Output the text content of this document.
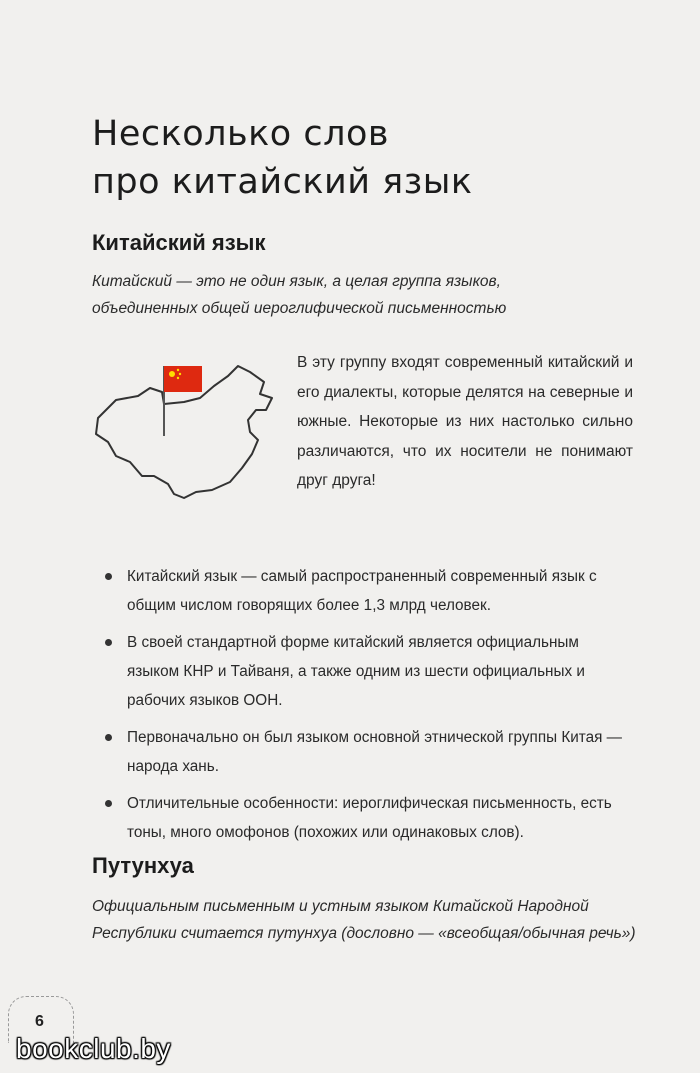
Несколько слов
про китайский язык
Китайский язык

Китайский — это не один язык, а целая группа языков, объединенных общей иероглифической письменностью

В эту группу входят современный китайский и его диалекты, которые делятся на северные и южные. Некоторые из них настолько сильно различаются, что их носители не понимают друг друга!

Китайский язык — самый распространенный современный язык с общим числом говорящих более 1,3 млрд человек.
В своей стандартной форме китайский является официальным языком КНР и Тайваня, а также одним из шести официальных и рабочих языков ООН.
Первоначально он был языком основной этнической группы Китая — народа хань.
Отличительные особенности: иероглифическая письменность, есть тоны, много омофонов (похожих или одинаковых слов).
Путунхуа

Официальным письменным и устным языком Китайской Народной Республики считается путунхуа (дословно — «всеобщая/обычная речь»)

6

bookclub.by
